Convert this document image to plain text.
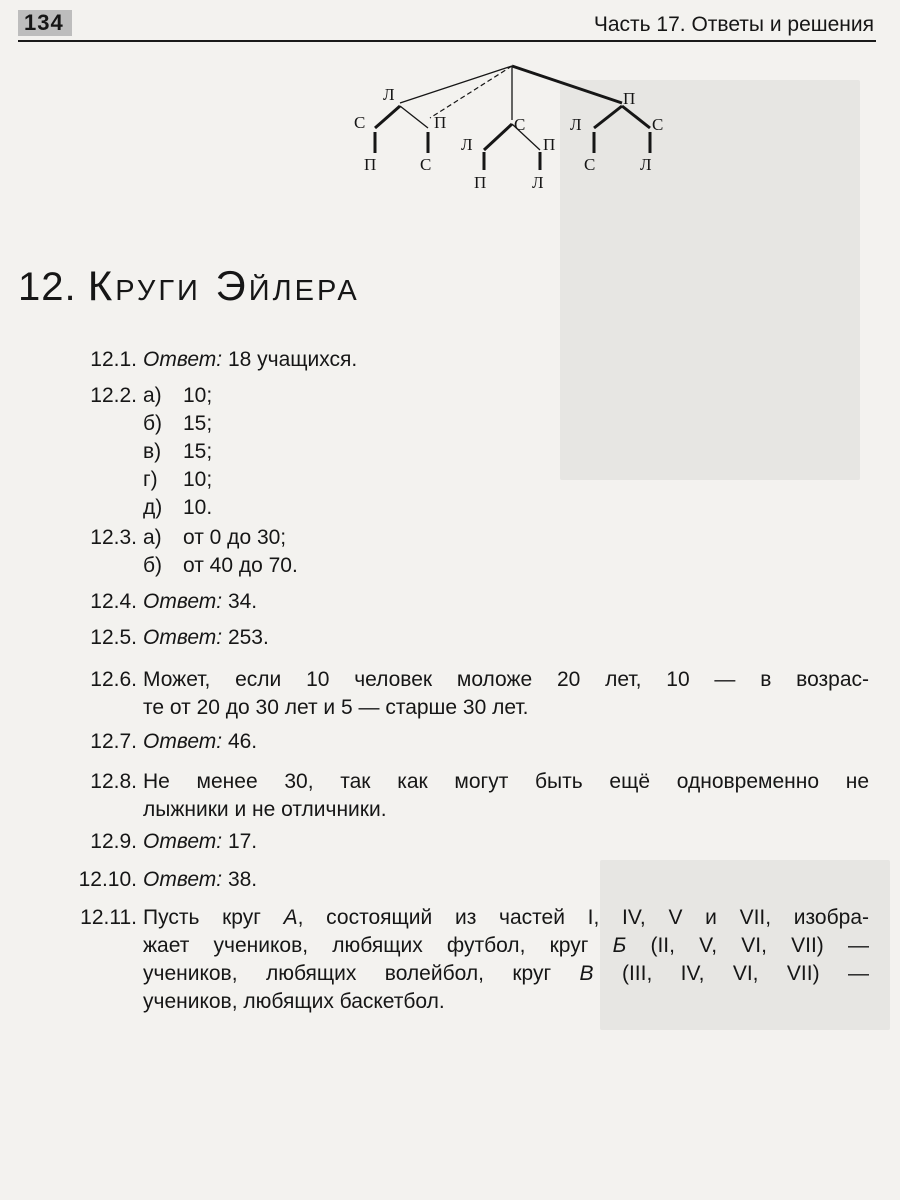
134	Часть 17. Ответы и решения
Л
С	П
П	С
С
Л	П
П	Л
П
Л	С
С	Л
12. Круги Эйлера
12.1. Ответ: 18 учащихся.
12.2. а) 10;
б) 15;
в) 15;
г) 10;
д) 10.
12.3. а) от 0 до 30;
б) от 40 до 70.
12.4. Ответ: 34.
12.5. Ответ: 253.
12.6. Может, если 10 человек моложе 20 лет, 10 — в возрас-
те от 20 до 30 лет и 5 — старше 30 лет.
12.7. Ответ: 46.
12.8. Не менее 30, так как могут быть ещё одновременно не
лыжники и не отличники.
12.9. Ответ: 17.
12.10. Ответ: 38.
12.11. Пусть круг А, состоящий из частей I, IV, V и VII, изобра-
жает учеников, любящих футбол, круг Б (II, V, VI, VII) —
учеников, любящих волейбол, круг В (III, IV, VI, VII) —
учеников, любящих баскетбол.
